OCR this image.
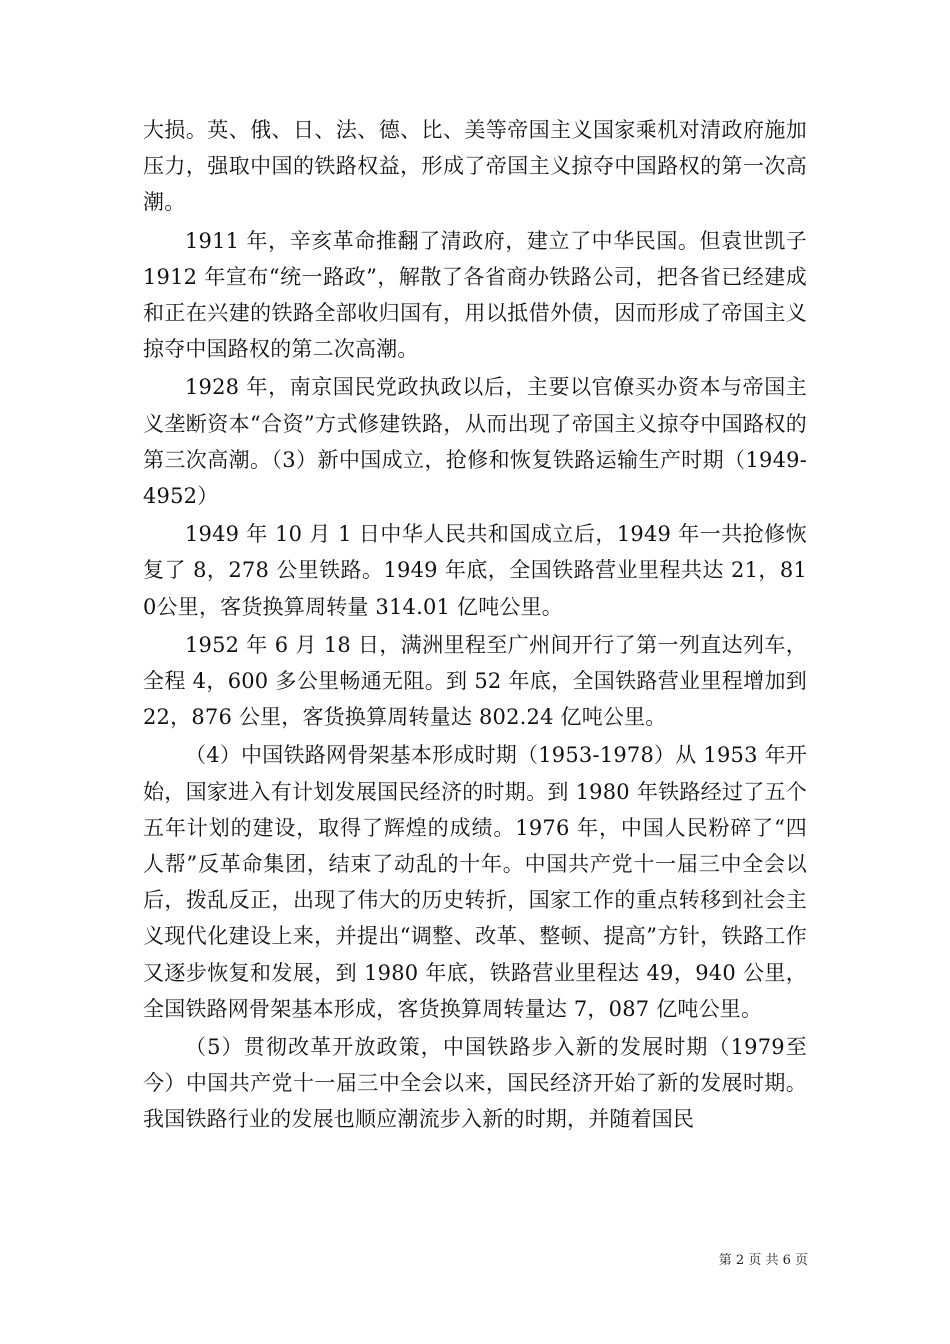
大损。英、俄、日、法、德、比、美等帝国主义国家乘机对清政府施加压力，强取中国的铁路权益，形成了帝国主义掠夺中国路权的第一次高潮。

1911 年，辛亥革命推翻了清政府，建立了中华民国。但袁世凯子 1912 年宣布“统一路政”，解散了各省商办铁路公司，把各省已经建成和正在兴建的铁路全部收归国有，用以抵借外债，因而形成了帝国主义掠夺中国路权的第二次高潮。

1928 年，南京国民党政执政以后，主要以官僚买办资本与帝国主义垄断资本“合资”方式修建铁路，从而出现了帝国主义掠夺中国路权的第三次高潮。（3）新中国成立，抢修和恢复铁路运输生产时期（1949-4952）

1949 年 10 月 1 日中华人民共和国成立后，1949 年一共抢修恢复了 8，278 公里铁路。1949 年底，全国铁路营业里程共达 21，810公里，客货换算周转量 314.01 亿吨公里。

1952 年 6 月 18 日，满洲里程至广州间开行了第一列直达列车，全程 4，600 多公里畅通无阻。到 52 年底，全国铁路营业里程增加到 22，876 公里，客货换算周转量达 802.24 亿吨公里。

（4）中国铁路网骨架基本形成时期（1953-1978）从 1953 年开始，国家进入有计划发展国民经济的时期。到 1980 年铁路经过了五个五年计划的建设，取得了辉煌的成绩。1976 年，中国人民粉碎了“四人帮”反革命集团，结束了动乱的十年。中国共产党十一届三中全会以后，拨乱反正，出现了伟大的历史转折，国家工作的重点转移到社会主义现代化建设上来，并提出“调整、改革、整顿、提高”方针，铁路工作又逐步恢复和发展，到 1980 年底，铁路营业里程达 49，940 公里，全国铁路网骨架基本形成，客货换算周转量达 7，087 亿吨公里。

（5）贯彻改革开放政策，中国铁路步入新的发展时期（1979至今）中国共产党十一届三中全会以来，国民经济开始了新的发展时期。我国铁路行业的发展也顺应潮流步入新的时期，并随着国民

第 2 页 共 6 页
